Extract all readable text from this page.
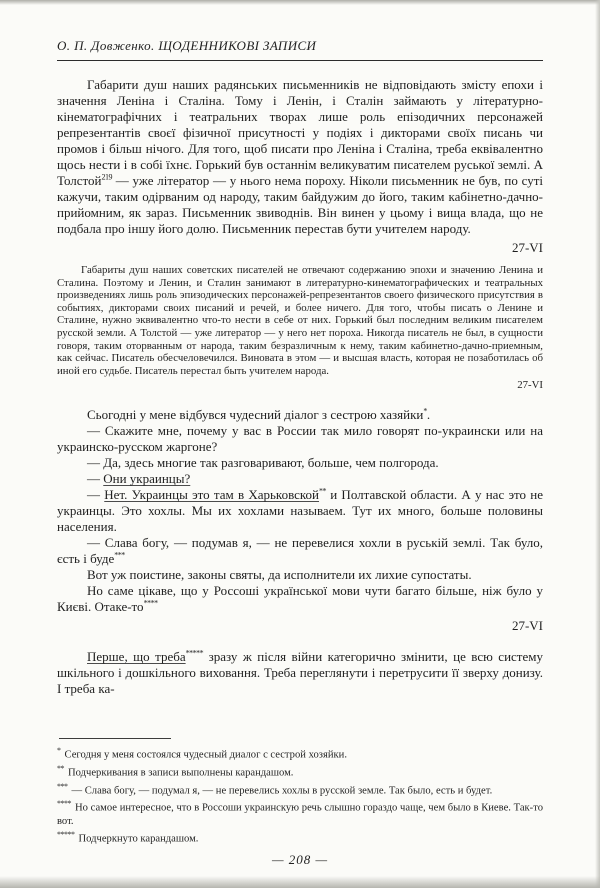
О. П. Довженко. ЩОДЕННИКОВІ ЗАПИСИ

Габарити душ наших радянських письменників не відповідають змісту епохи і значення Леніна і Сталіна. Тому і Ленін, і Сталін займають у літературно-кінематографічних і театральних творах лише роль епізодичних персонажей репрезентантів своєї фізичної присутності у подіях і дикторами своїх писань чи промов і більш нічого. Для того, щоб писати про Леніна і Сталіна, треба еквівалентно щось нести і в собі їхнє. Горький був останнім великуватим писателем руської землі. А Толстой$^{219}$ — уже літератор — у нього нема пороху. Ніколи письменник не був, по суті кажучи, таким одірваним од народу, таким байдужим до його, таким кабінетно-дачно-прийомним, як зараз. Письменник звиводнів. Він винен у цьому і вища влада, що не подбала про іншу його долю. Письменник перестав бути учителем народу.

27-VI

Габариты душ наших советских писателей не отвечают содержанию эпохи и значению Ленина и Сталина. Поэтому и Ленин, и Сталин занимают в литературно-кинематографических и театральных произведениях лишь роль эпизодических персонажей-репрезентантов своего физического присутствия в событиях, дикторами своих писаний и речей, и более ничего. Для того, чтобы писать о Ленине и Сталине, нужно эквивалентно что-то нести в себе от них. Горький был последним великим писателем русской земли. А Толстой — уже литератор — у него нет пороха. Никогда писатель не был, в сущности говоря, таким оторванным от народа, таким безразличным к нему, таким кабинетно-дачно-приемным, как сейчас. Писатель обесчеловечился. Виновата в этом — и высшая власть, которая не позаботилась об иной его судьбе. Писатель перестал быть учителем народа.

27-VI

Сьогодні у мене відбувся чудесний діалог з сестрою хазяйки*.

— Скажите мне, почему у вас в России так мило говорят по-украински или на украинско-русском жаргоне?

— Да, здесь многие так разговаривают, больше, чем полгорода.

— Они украинцы?

— Нет. Украинцы это там в Харьковской** и Полтавской области. А у нас это не украинцы. Это хохлы. Мы их хохлами называем. Тут их много, больше половины населения.

— Слава богу, — подумав я, — не перевелися хохли в руській землі. Так було, єсть і буде***

Вот уж поистине, законы святы, да исполнители их лихие супостаты.

Но саме цікаве, що у Россоші української мови чути багато більше, ніж було у Києві. Отаке-то****

27-VI

Перше, що треба***** зразу ж після війни категорично змінити, це всю систему шкільного і дошкільного виховання. Треба переглянути і перетрусити її зверху донизу. І треба ка-

* Сегодня у меня состоялся чудесный диалог с сестрой хозяйки.
** Подчеркивания в записи выполнены карандашом.
*** — Слава богу, — подумал я, — не перевелись хохлы в русской земле. Так было, есть и будет.
**** Но самое интересное, что в Россоши украинскую речь слышно гораздо чаще, чем было в Киеве. Так-то вот.
***** Подчеркнуто карандашом.
— 208 —
